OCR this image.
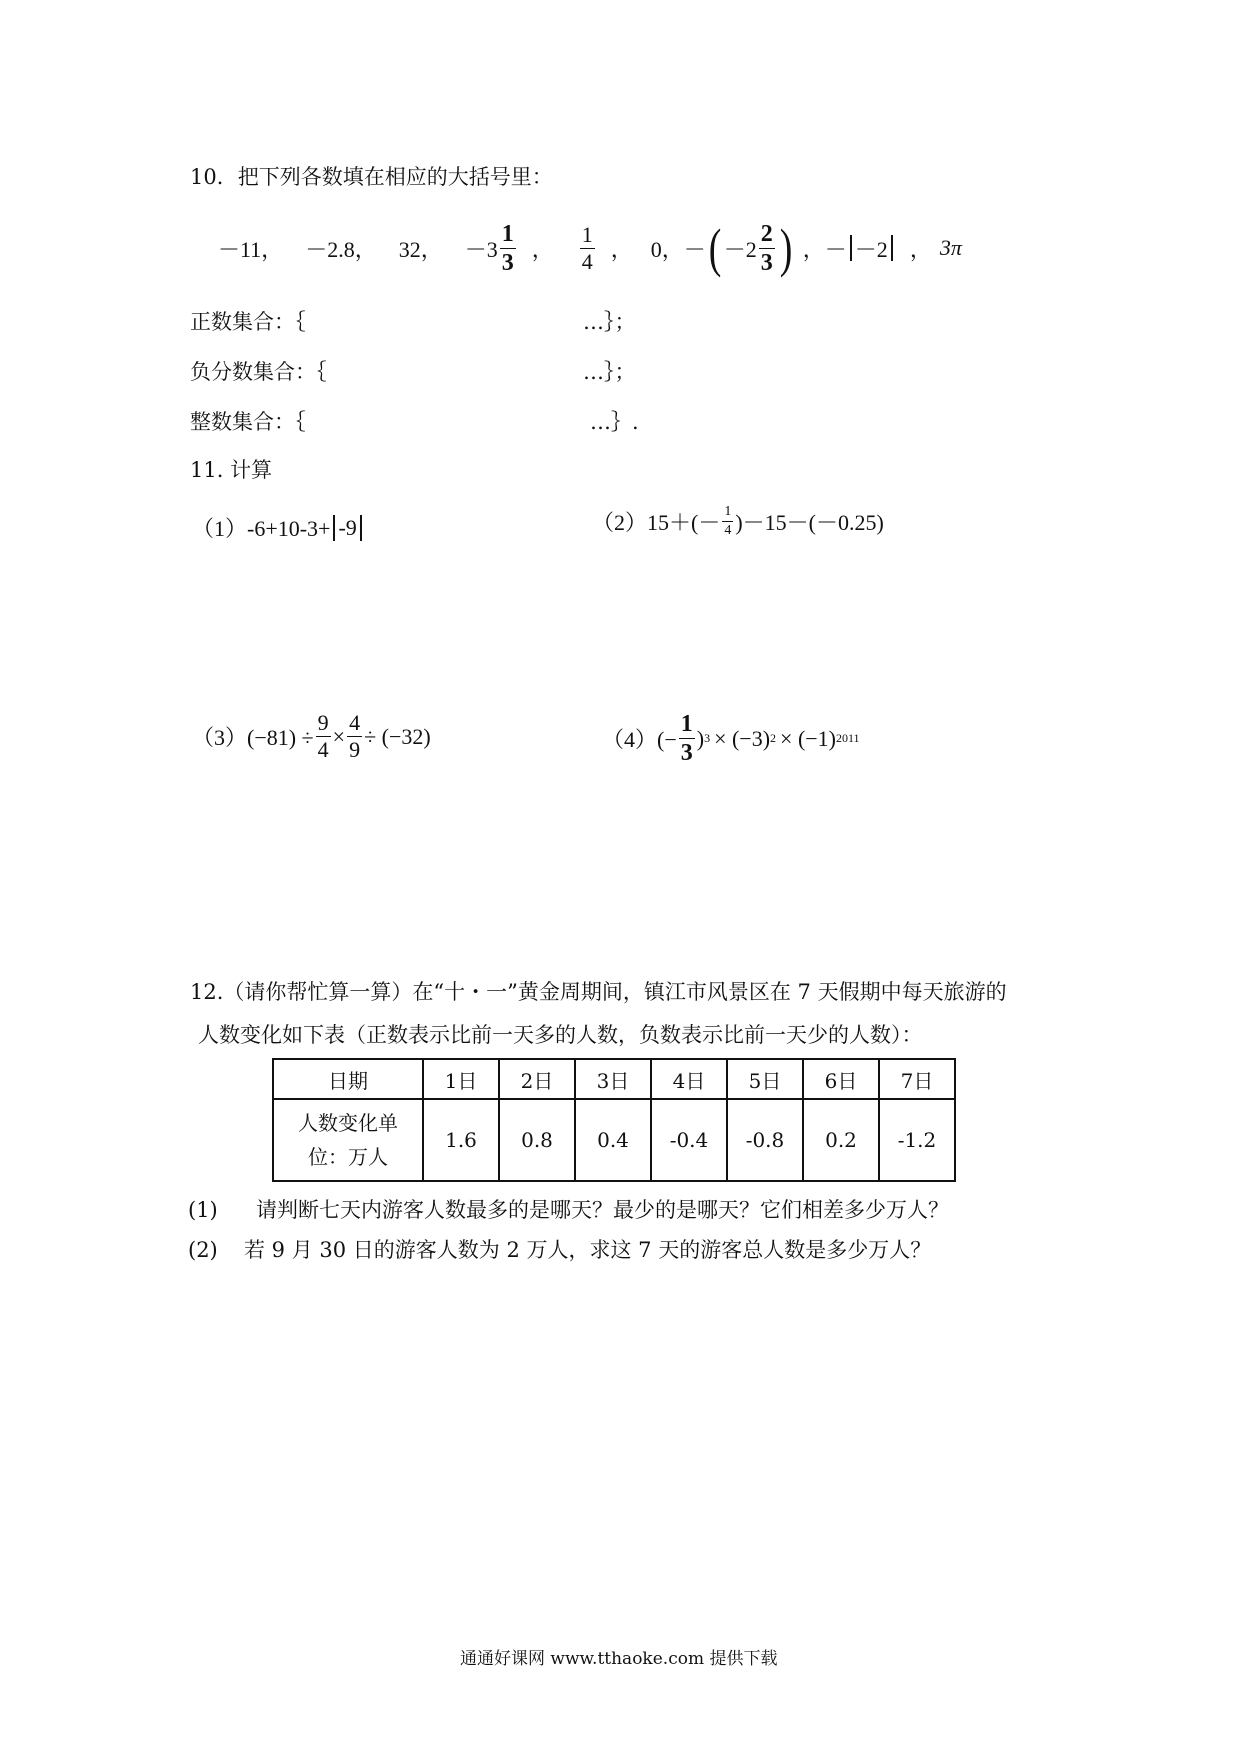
10．把下列各数填在相应的大括号里：
－11， －2.8， 32， $-3 \frac{1}{3}$ ， $\frac{1}{4}$ ， 0，－ ( $-2 \frac{2}{3}$ ) ， － －2 ， 3π
正数集合：｛	…｝；
负分数集合：｛	…｝；
整数集合：｛	…｝.
11. 计算
（1）-6+10-3+ -9	$(2)15+(- \frac{1}{4} )-15-(-0.25)$
$(3)(-81) \div \frac{9}{4} \times \frac{4}{9} \div (-32)$	$(4)(- \frac{1}{3}$ ) 3 × (−3) 2 × (−1) 2011
12.（请你帮忙算一算）在“十・一”黄金周期间，镇江市风景区在 7 天假期中每天旅游的
人数变化如下表（正数表示比前一天多的人数，负数表示比前一天少的人数）：
日期	1日	2日	3日	4日	5日	6日	7日

人数变化单
位：万人	1.6	0.8	0.4	-0.4	-0.8	0.2	-1.2
(1) 请判断七天内游客人数最多的是哪天？最少的是哪天？它们相差多少万人？
(2) 若 9 月 30 日的游客人数为 2 万人，求这 7 天的游客总人数是多少万人？
通通好课网 www.tthaoke.com 提供下载
